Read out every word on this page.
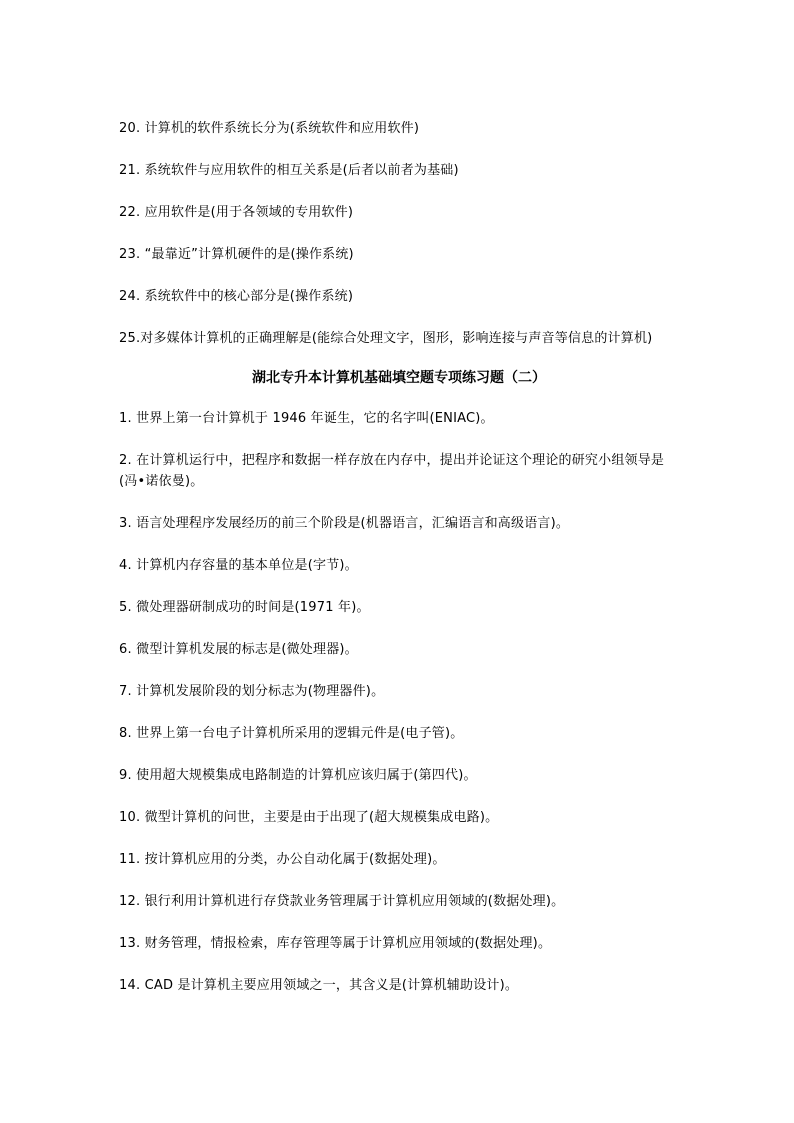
20. 计算机的软件系统长分为(系统软件和应用软件)

21. 系统软件与应用软件的相互关系是(后者以前者为基础)

22. 应用软件是(用于各领域的专用软件)

23. “最靠近”计算机硬件的是(操作系统)

24. 系统软件中的核心部分是(操作系统)

25.对多媒体计算机的正确理解是(能综合处理文字，图形，影响连接与声音等信息的计算机)

湖北专升本计算机基础填空题专项练习题（二）

1. 世界上第一台计算机于 1946 年诞生，它的名字叫(ENIAC)。

2. 在计算机运行中，把程序和数据一样存放在内存中，提出并论证这个理论的研究小组领导是(冯•诺依曼)。

3. 语言处理程序发展经历的前三个阶段是(机器语言，汇编语言和高级语言)。

4. 计算机内存容量的基本单位是(字节)。

5. 微处理器研制成功的时间是(1971 年)。

6. 微型计算机发展的标志是(微处理器)。

7. 计算机发展阶段的划分标志为(物理器件)。

8. 世界上第一台电子计算机所采用的逻辑元件是(电子管)。

9. 使用超大规模集成电路制造的计算机应该归属于(第四代)。

10. 微型计算机的问世，主要是由于出现了(超大规模集成电路)。

11. 按计算机应用的分类，办公自动化属于(数据处理)。

12. 银行利用计算机进行存贷款业务管理属于计算机应用领域的(数据处理)。

13. 财务管理，情报检索，库存管理等属于计算机应用领域的(数据处理)。

14. CAD 是计算机主要应用领域之一，其含义是(计算机辅助设计)。
